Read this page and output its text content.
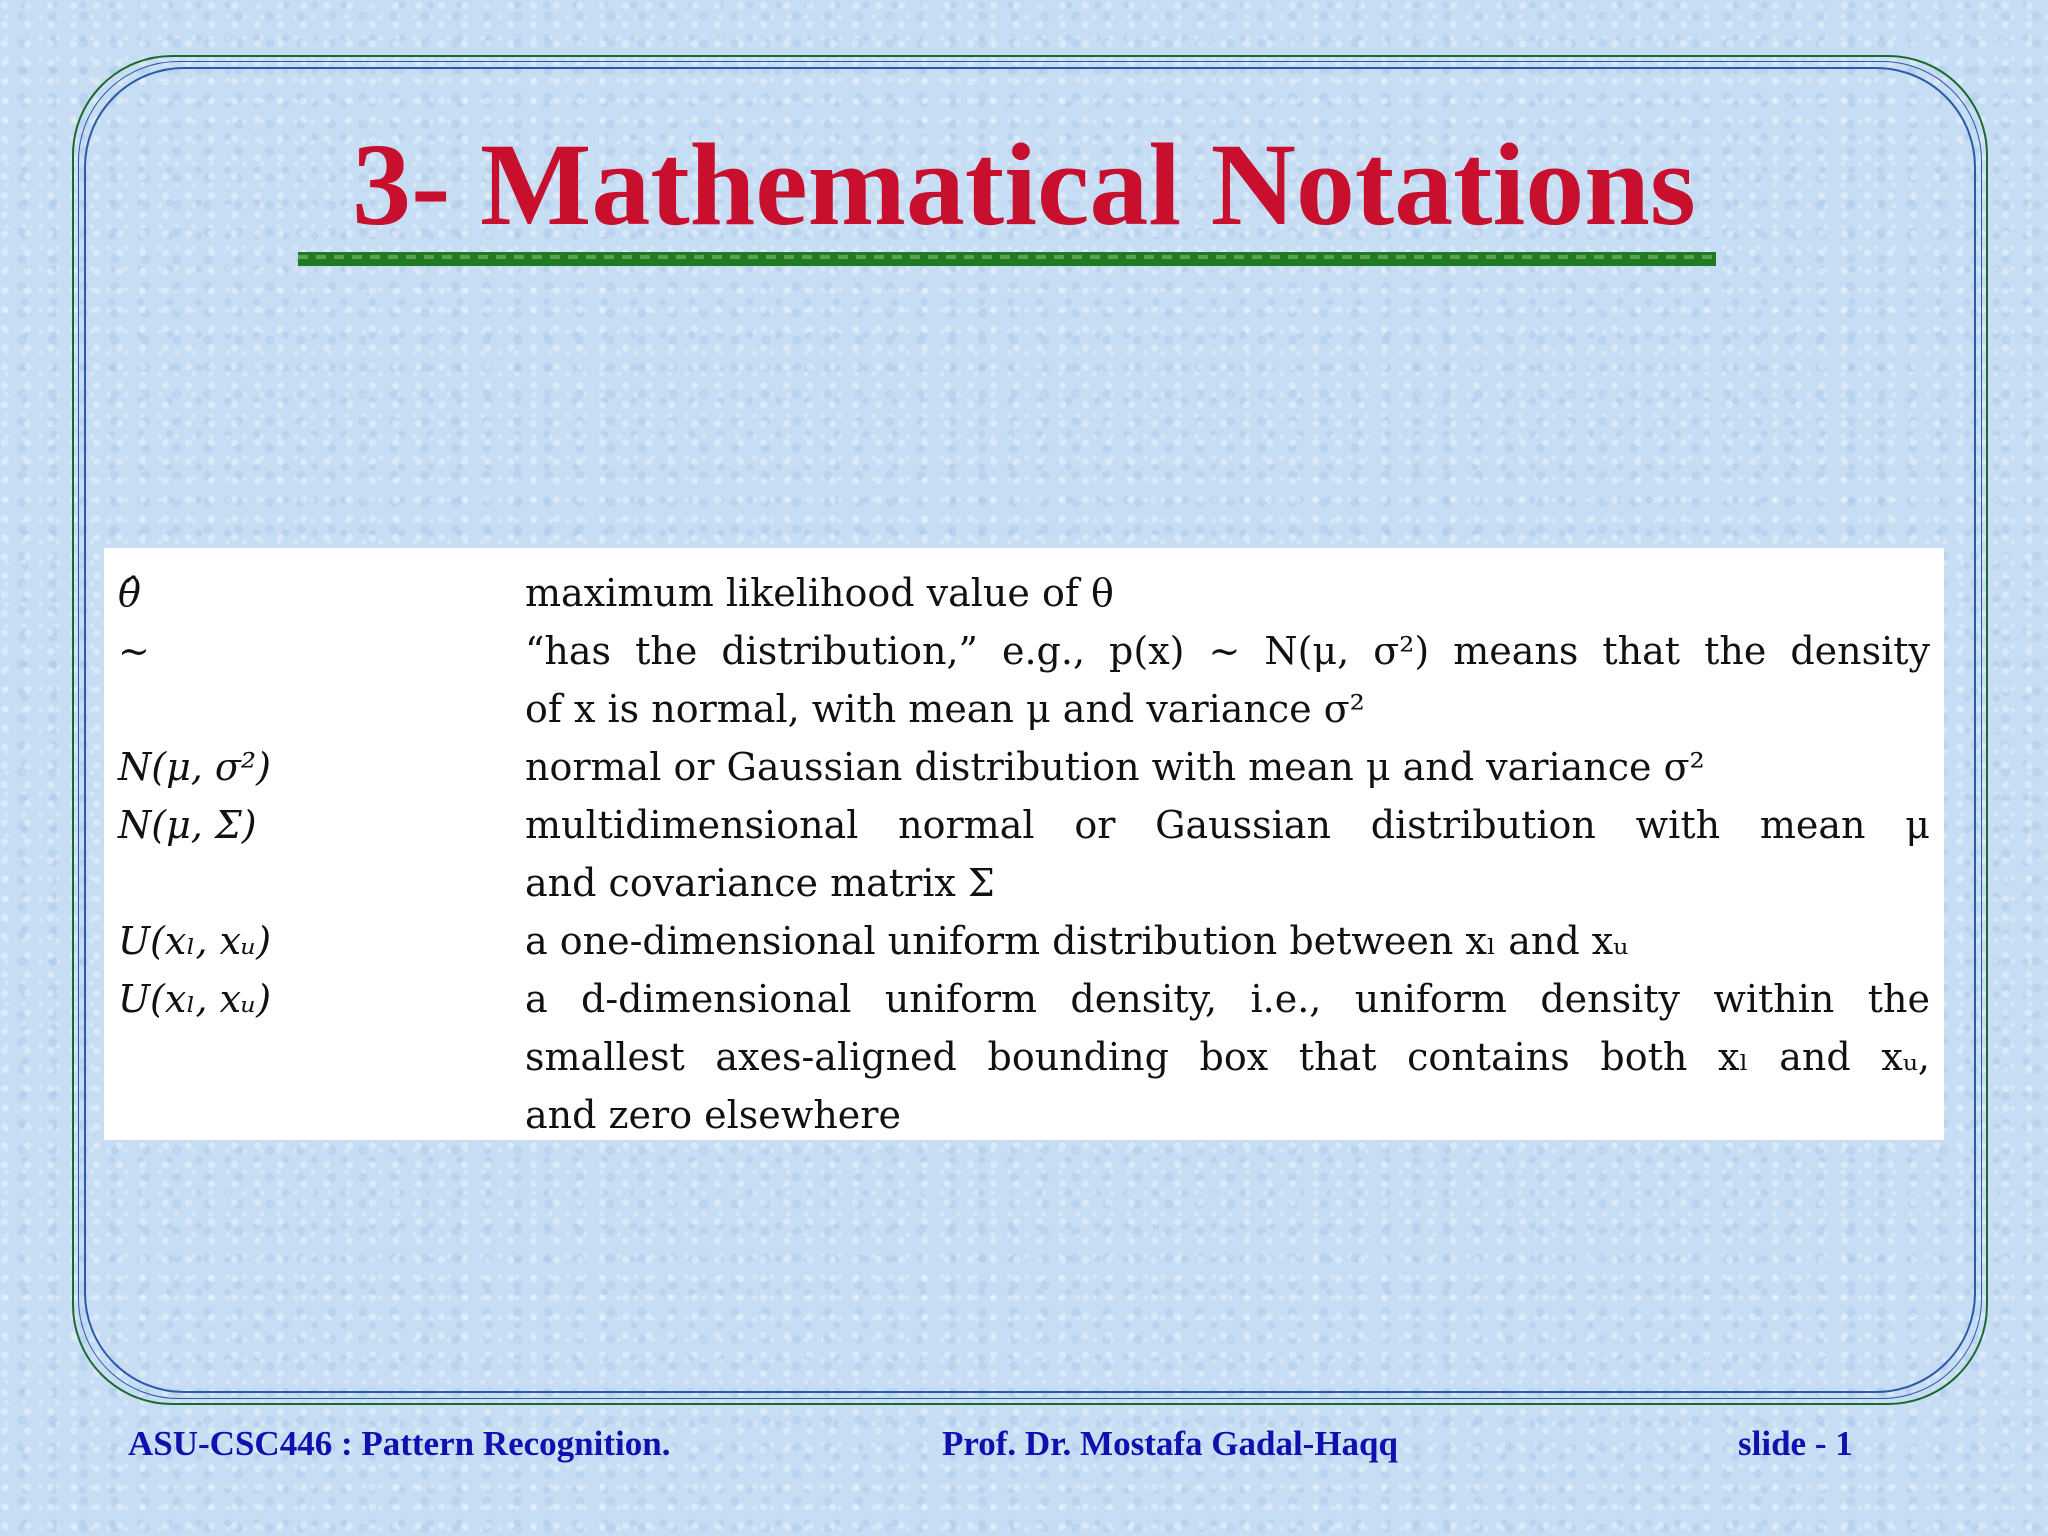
3- Mathematical Notations
θ̂	maximum likelihood value of θ

∼	“has the distribution,” e.g., p(x) ∼ N(μ, σ²) means that the density
of x is normal, with mean μ and variance σ²

N(μ, σ²)	normal or Gaussian distribution with mean μ and variance σ²

N(μ, Σ)	multidimensional normal or Gaussian distribution with mean μ
and covariance matrix Σ

U(xₗ, xᵤ)	a one-dimensional uniform distribution between xₗ and xᵤ

U(xₗ, xᵤ)	a d-dimensional uniform density, i.e., uniform density within the
smallest axes-aligned bounding box that contains both xₗ and xᵤ,
and zero elsewhere
ASU-CSC446 : Pattern Recognition.	Prof. Dr. Mostafa Gadal-Haqq	slide - 1
